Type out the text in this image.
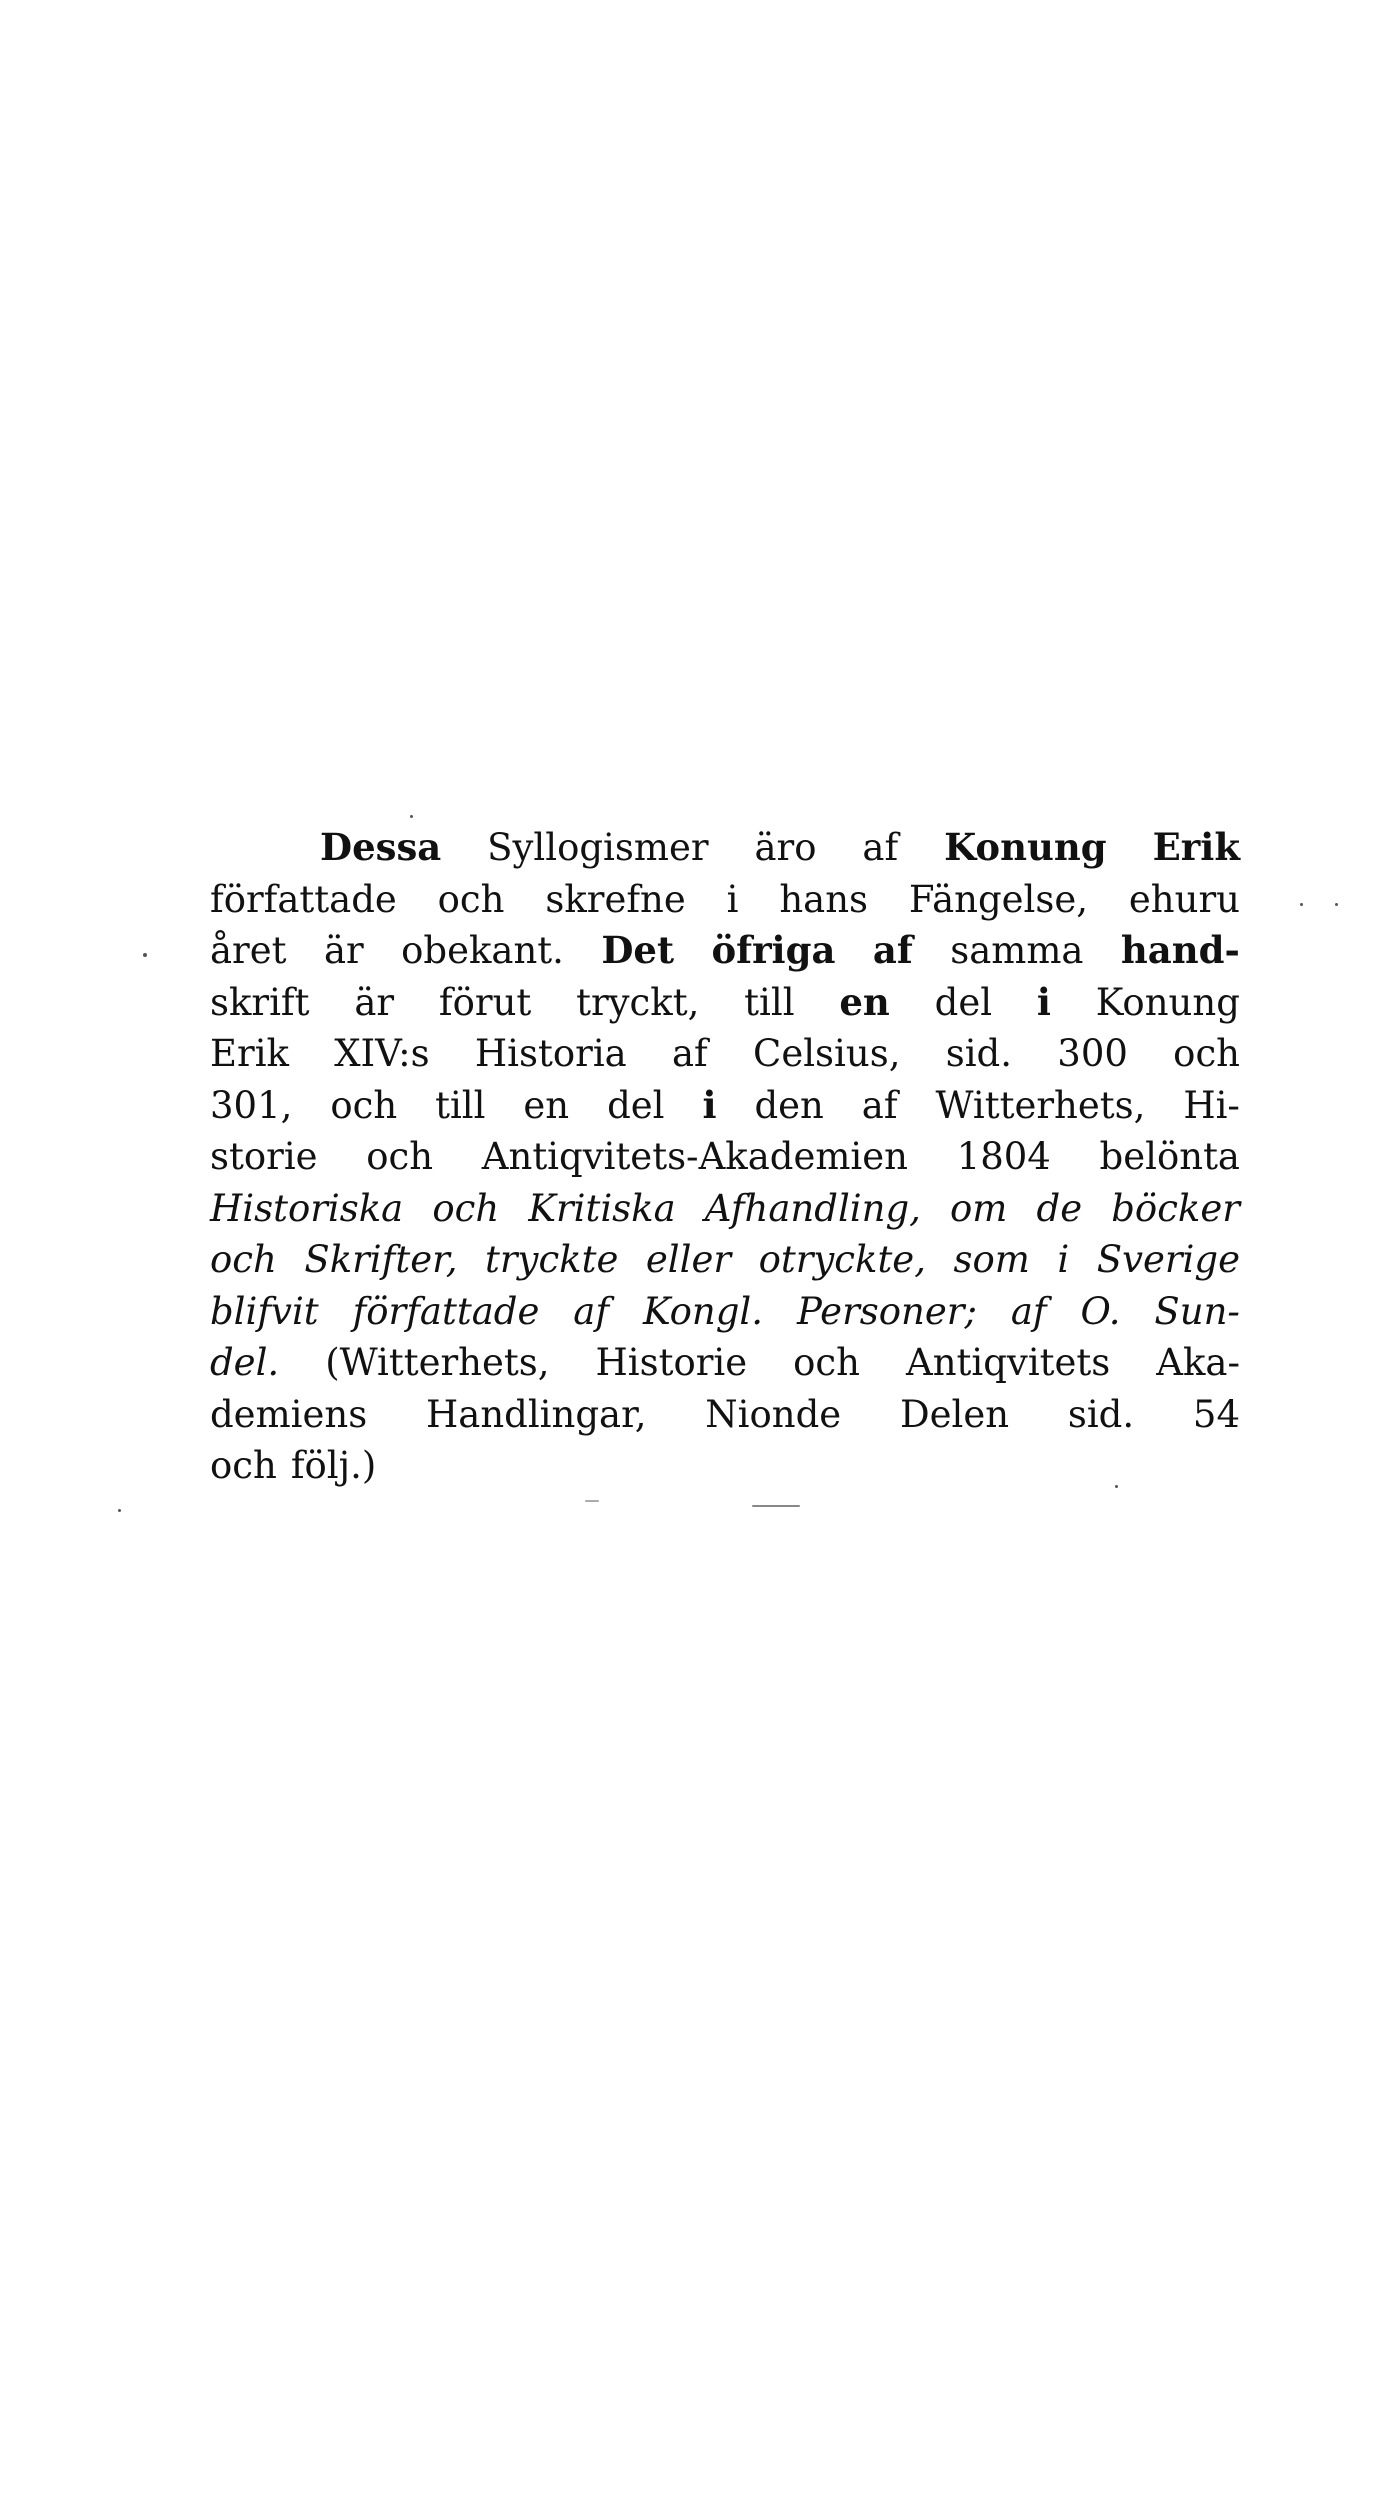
Dessa Syllogismer äro af Konung Erik
författade och skrefne i hans Fängelse, ehuru
året är obekant. Det öfriga af samma hand-
skrift är förut tryckt, till en del i Konung
Erik XIV:s Historia af Celsius, sid. 300 och
301, och till en del i den af Witterhets, Hi-
storie och Antiqvitets-Akademien 1804 belönta
Historiska och Kritiska Afhandling, om de böcker
och Skrifter, tryckte eller otryckte, som i Sverige
blifvit författade af Kongl. Personer; af O. Sun-
del. (Witterhets, Historie och Antiqvitets Aka-
demiens Handlingar, Nionde Delen sid. 54
och följ.)
